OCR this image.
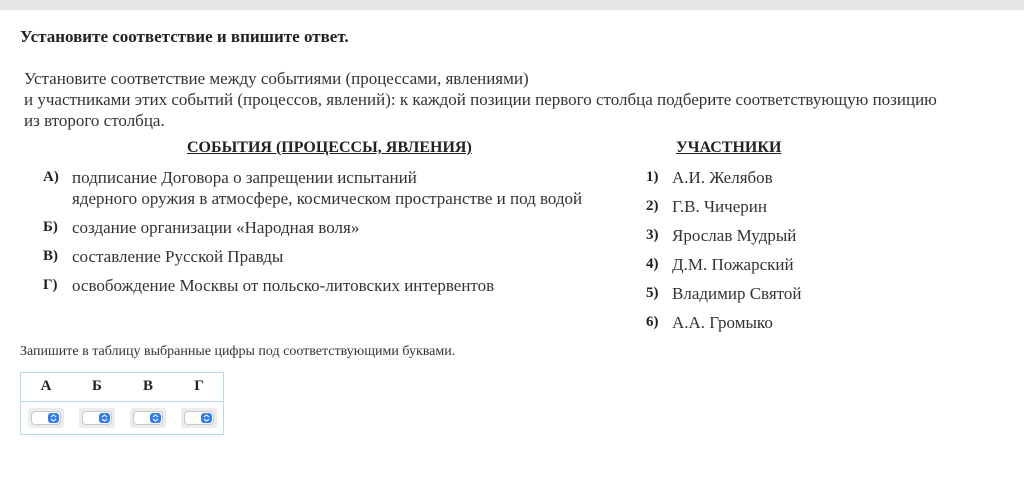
Установите соответствие и впишите ответ.
Установите соответствие между событиями (процессами, явлениями)
и участниками этих событий (процессов, явлений): к каждой позиции первого столбца подберите соответствующую позицию
из второго столбца.
СОБЫТИЯ (ПРОЦЕССЫ, ЯВЛЕНИЯ)	УЧАСТНИКИ
А) подписание Договора о запрещении испытаний
ядерного оружия в атмосфере, космическом пространстве и под водой
Б) создание организации «Народная воля»
В) составление Русской Правды
Г) освобождение Москвы от польско-литовских интервентов
1) А.И. Желябов
2) Г.В. Чичерин
3) Ярослав Мудрый
4) Д.М. Пожарский
5) Владимир Святой
6) А.А. Громыко
Запишите в таблицу выбранные цифры под соответствующими буквами.
А	Б	В	Г
